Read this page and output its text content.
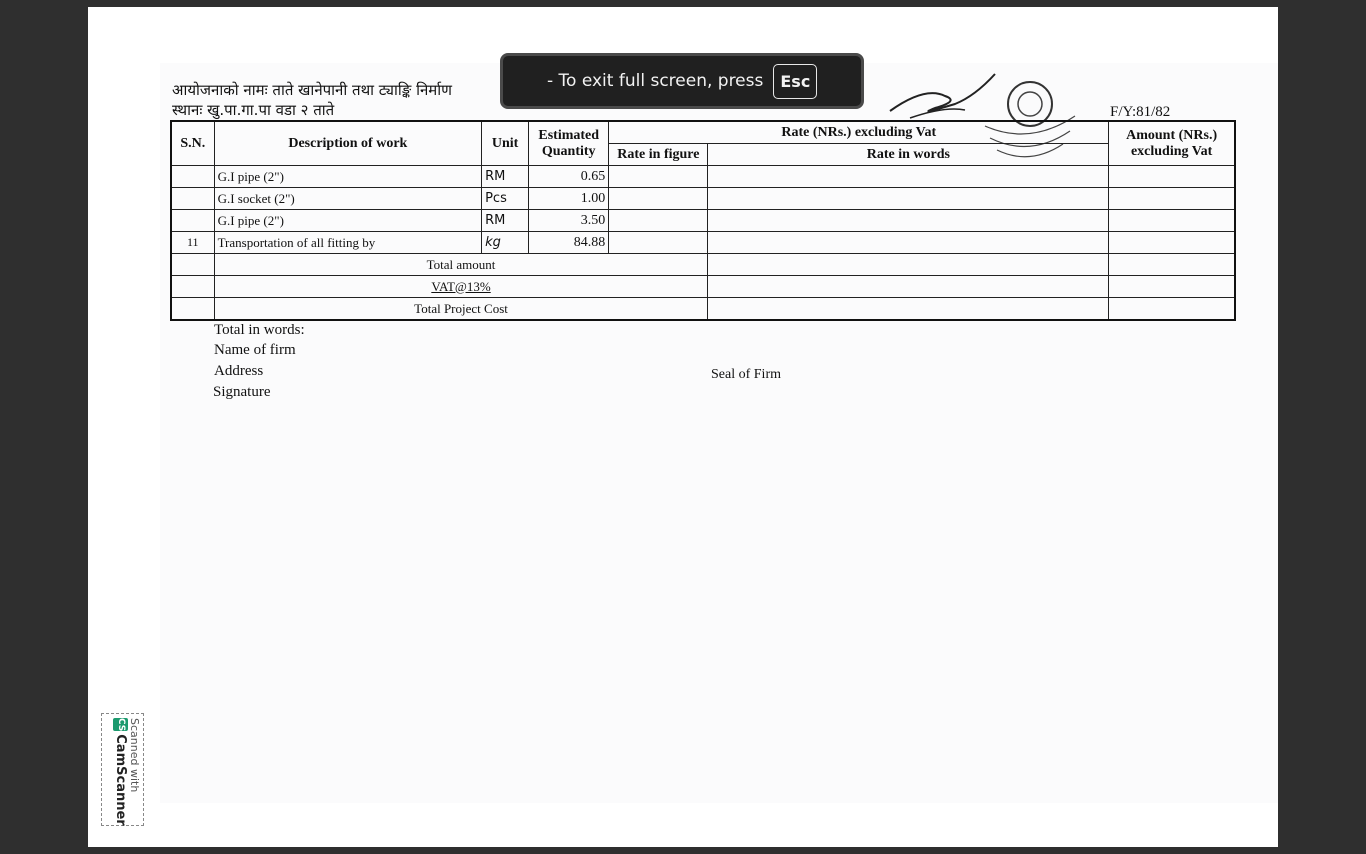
आयोजनाको नामः ताते खानेपानी तथा ट्याङ्कि निर्माण
स्थानः खु.पा.गा.पा वडा २ ताते	F/Y:81/82
S.N.	Description of work	Unit	Estimated Quantity	Rate (NRs.) excluding Vat		Amount (NRs.) excluding Vat
				Rate in figure	Rate in words	
	G.I pipe (2")	RM	0.65			
	G.I socket (2")	Pcs	1.00			
	G.I pipe (2")	RM	3.50			
11	Transportation of all fitting by	kg	84.88			
	Total amount					
	VAT@13%					
	Total Project Cost					
Total in words:
Name of firm
Address
Signature
Seal of Firm
Scanned with
CS
CamScanner
- To exit full screen, press	Esc
